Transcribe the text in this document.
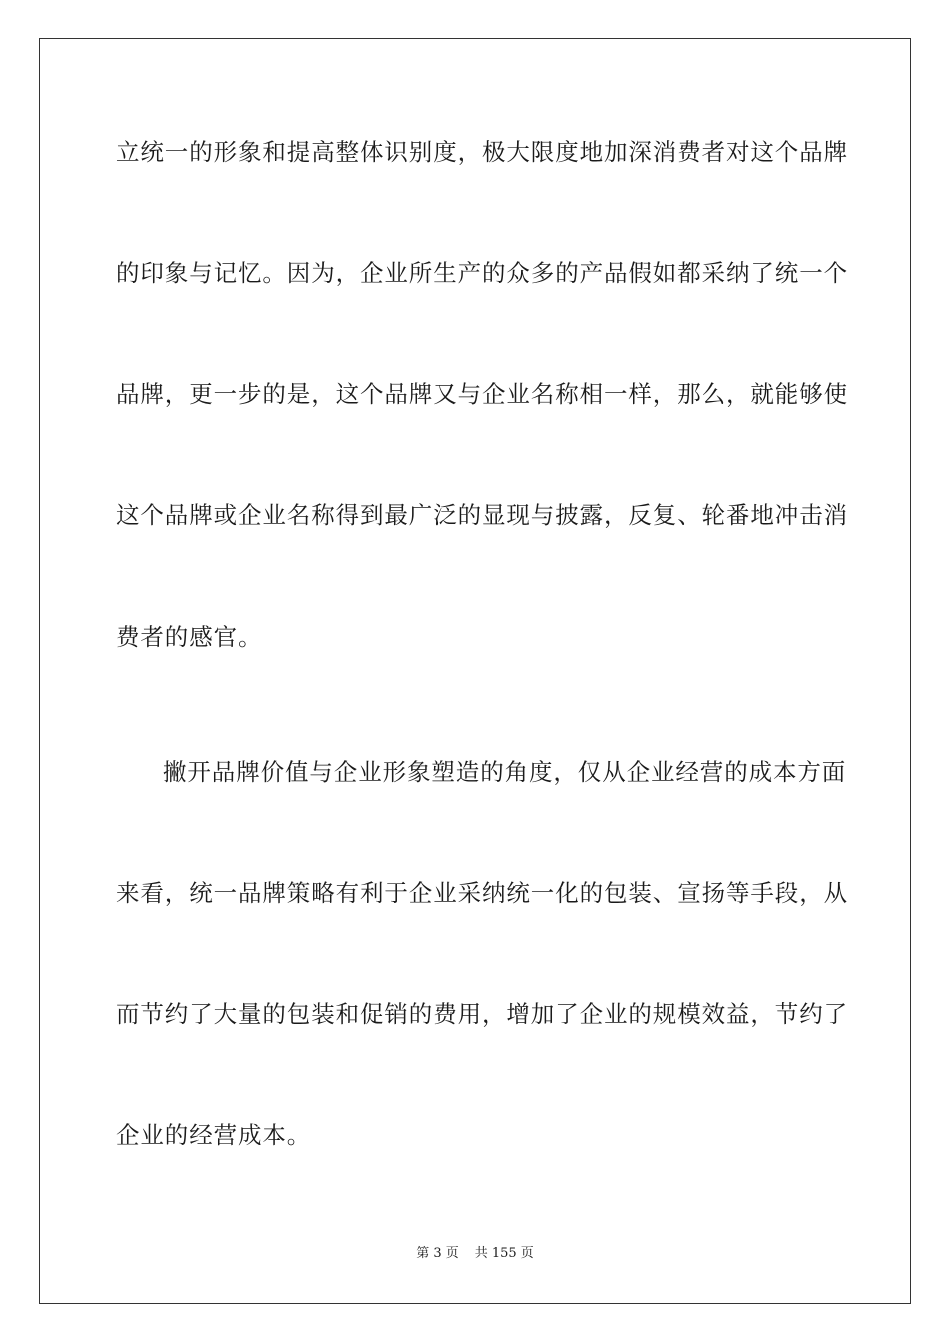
立统一的形象和提高整体识别度，极大限度地加深消费者对这个品牌
的印象与记忆。因为，企业所生产的众多的产品假如都采纳了统一个
品牌，更一步的是，这个品牌又与企业名称相一样，那么，就能够使
这个品牌或企业名称得到最广泛的显现与披露，反复、轮番地冲击消
费者的感官。
撇开品牌价值与企业形象塑造的角度，仅从企业经营的成本方面
来看，统一品牌策略有利于企业采纳统一化的包装、宣扬等手段，从
而节约了大量的包装和促销的费用，增加了企业的规模效益，节约了
企业的经营成本。
第 3 页 共 155 页
